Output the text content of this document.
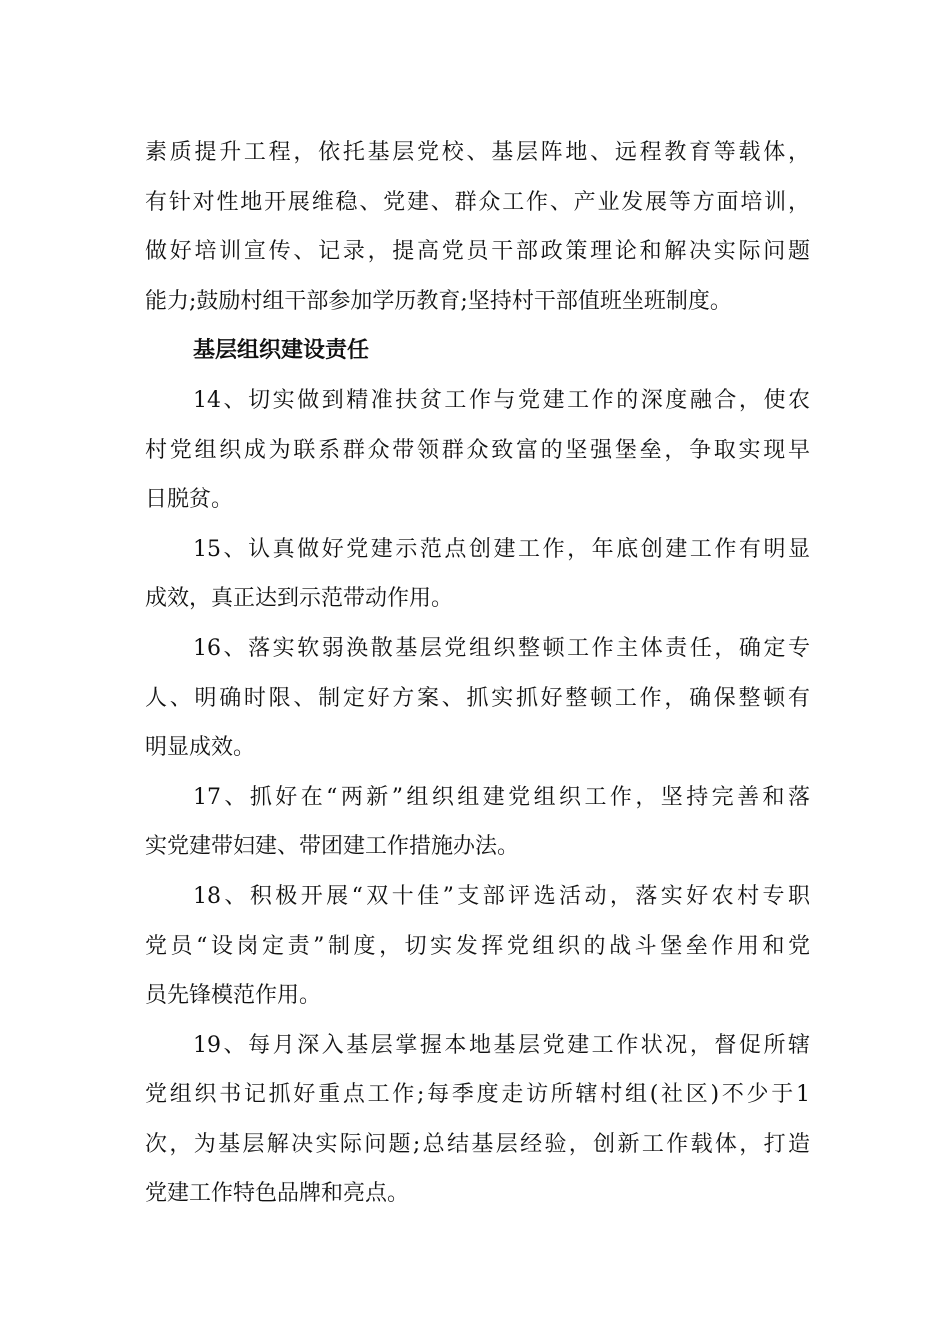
素质提升工程，依托基层党校、基层阵地、远程教育等载体，
有针对性地开展维稳、党建、群众工作、产业发展等方面培训，
做好培训宣传、记录，提高党员干部政策理论和解决实际问题
能力;鼓励村组干部参加学历教育;坚持村干部值班坐班制度。
基层组织建设责任
14、切实做到精准扶贫工作与党建工作的深度融合，使农
村党组织成为联系群众带领群众致富的坚强堡垒，争取实现早
日脱贫。
15、认真做好党建示范点创建工作，年底创建工作有明显
成效，真正达到示范带动作用。
16、落实软弱涣散基层党组织整顿工作主体责任，确定专
人、明确时限、制定好方案、抓实抓好整顿工作，确保整顿有
明显成效。
17、抓好在“两新”组织组建党组织工作，坚持完善和落
实党建带妇建、带团建工作措施办法。
18、积极开展“双十佳”支部评选活动，落实好农村专职
党员“设岗定责”制度，切实发挥党组织的战斗堡垒作用和党
员先锋模范作用。
19、每月深入基层掌握本地基层党建工作状况，督促所辖
党组织书记抓好重点工作;每季度走访所辖村组(社区)不少于1
次，为基层解决实际问题;总结基层经验，创新工作载体，打造
党建工作特色品牌和亮点。
